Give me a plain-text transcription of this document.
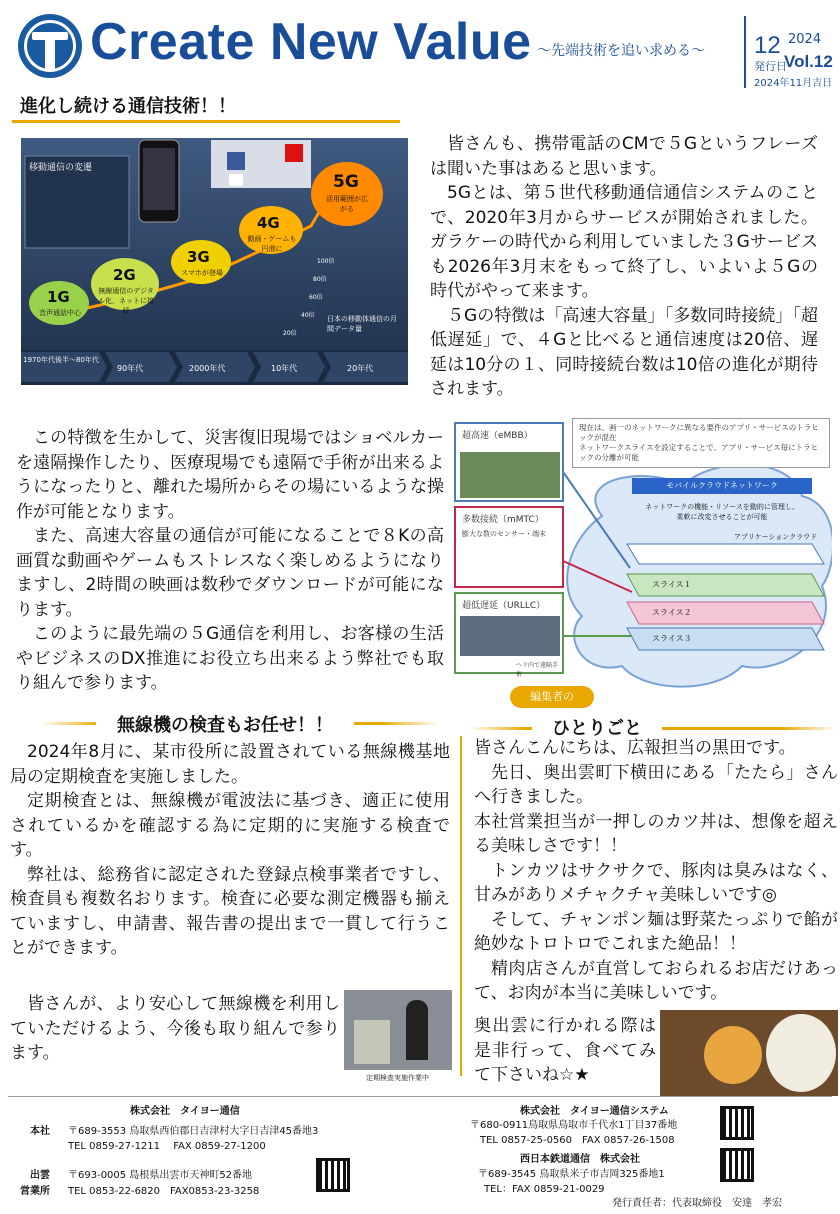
Create New Value ～先端技術を追い求める～ 12 2024
発行日
Vol.12
2024年11月吉日
進化し続ける通信技術！！
移動通信の変遷
1G
音声通話中心
2G
無線通信のデジタル化、ネットに接続
3G
スマホが登場
4G
動画・ゲームも円滑に
5G
活用範囲が広がる
100倍
80倍
60倍
40倍
20倍
日本の移動体通信の月間データ量
1970年代後半〜80年代
90年代	2000年代	10年代	20年代

皆さんも、携帯電話のCMで５Gというフレーズは聞いた事はあると思います。

5Gとは、第５世代移動通信通信システムのことで、2020年3月からサービスが開始されました。ガラケーの時代から利用していました３Gサービスも2026年3月末をもって終了し、いよいよ５Gの時代がやって来ます。

５Gの特徴は「高速大容量」「多数同時接続」「超低遅延」で、４Gと比べると通信速度は20倍、遅延は10分の１、同時接続台数は10倍の進化が期待されます。

この特徴を生かして、災害復旧現場ではショベルカーを遠隔操作したり、医療現場でも遠隔で手術が出来るようになったりと、離れた場所からその場にいるような操作が可能となります。

また、高速大容量の通信が可能になることで８Kの高画質な動画やゲームもストレスなく楽しめるようになりますし、2時間の映画は数秒でダウンロードが可能になります。

このように最先端の５G通信を利用し、お客様の生活やビジネスのDX推進にお役立ち出来るよう弊社でも取り組んで参ります。

超高速（eMBB）
多数接続（mMTC）
膨大な数のセンサー・端末
超低遅延（URLLC）
ヘリ内で遠隔手術
現在は、画一のネットワークに異なる要件のアプリ・サービスのトラヒックが混在
ネットワークスライスを設定することで、アプリ・サービス毎にトラヒックの分離が可能
モバイルクラウドネットワーク
ネットワークの機能・リソースを動的に管理し、柔軟に改変させることが可能
アプリケーションクラウド
スライス１
スライス２
スライス３
無線機の検査もお任せ！！

2024年8月に、某市役所に設置されている無線機基地局の定期検査を実施しました。

定期検査とは、無線機が電波法に基づき、適正に使用されているかを確認する為に定期的に実施する検査です。

弊社は、総務省に認定された登録点検事業者ですし、検査員も複数名おります。検査に必要な測定機器も揃えていますし、申請書、報告書の提出まで一貫して行うことができます。

皆さんが、より安心して無線機を利用していただけるよう、今後も取り組んで参ります。

定期検査実施作業中
編集者の
ひとりごと

皆さんこんにちは、広報担当の黒田です。

先日、奥出雲町下横田にある「たたら」さんへ行きました。

本社営業担当が一押しのカツ丼は、想像を超える美味しさです！！

トンカツはサクサクで、豚肉は臭みはなく、甘みがありメチャクチャ美味しいです◎

そして、チャンポン麺は野菜たっぷりで餡が絶妙なトロトロでこれまた絶品！！

精肉店さんが直営しておられるお店だけあって、お肉が本当に美味しいです。

奥出雲に行かれる際は是非行って、食べてみて下さいね☆★

株式会社　タイヨー通信
本社 〒689-3553 鳥取県西伯郡日吉津村大字日吉津45番地3
TEL 0859-27-1211　 FAX 0859-27-1200
出雲
営業所
〒693-0005 島根県出雲市天神町52番地
TEL 0853-22-6820　FAX0853-23-3258
株式会社　タイヨー通信システム
〒680-0911鳥取県鳥取市千代水1丁目37番地
TEL 0857-25-0560　FAX 0857-26-1508
西日本鉄道通信　株式会社
〒689-3545 鳥取県米子市吉岡325番地1
TEL：FAX 0859-21-0029
発行責任者：代表取締役　安達　孝宏
